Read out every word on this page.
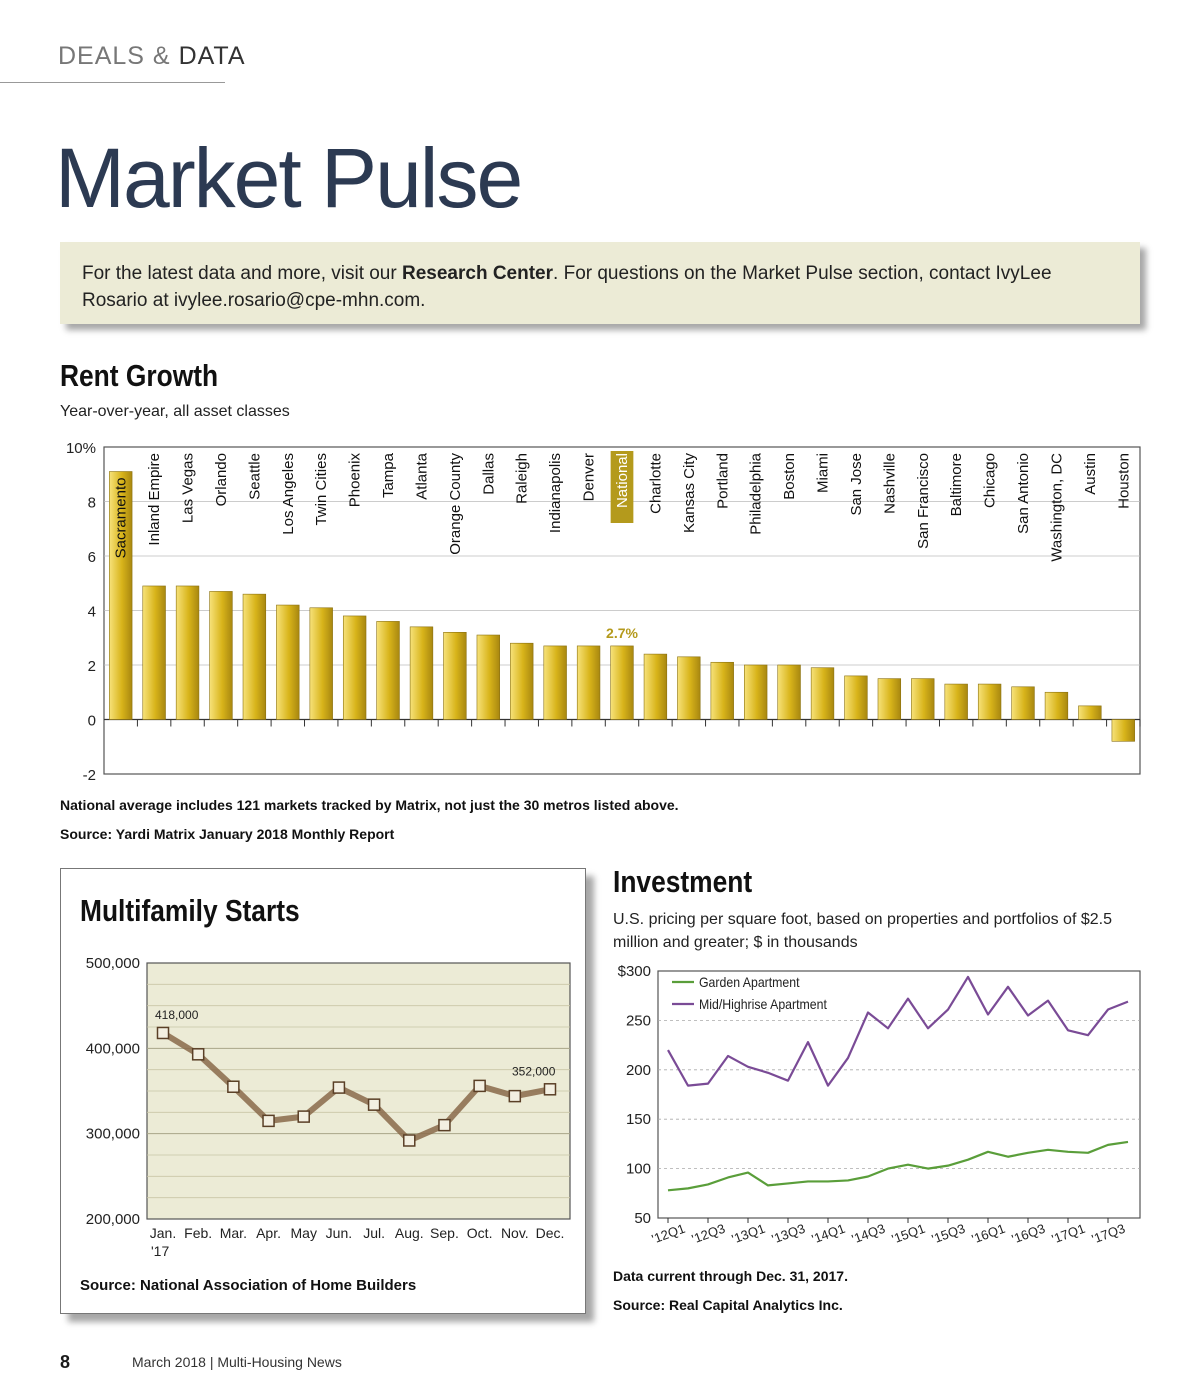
DEALS & DATA
Market Pulse
For the latest data and more, visit our Research Center. For questions on the Market Pulse section, contact IvyLee Rosario at ivylee.rosario@cpe-mhn.com.
Rent Growth
Year-over-year, all asset classes
10%
8
6
4
2
0
-2
Sacramento Inland Empire Las Vegas Orlando Seattle Los Angeles Twin Cities Phoenix Tampa Atlanta Orange County Dallas Raleigh Indianapolis Denver National
2.7%
Charlotte Kansas City Portland Philadelphia Boston Miami San Jose Nashville San Francisco Baltimore Chicago San Antonio Washington, DC Austin Houston
National average includes 121 markets tracked by Matrix, not just the 30 metros listed above.
Source: Yardi Matrix January 2018 Monthly Report
Multifamily Starts
500,000
400,000
300,000
200,000
Jan. Feb. Mar. Apr. May Jun. Jul. Aug. Sep. Oct. Nov. Dec.
'17
418,000
352,000
Source: National Association of Home Builders
Investment
U.S. pricing per square foot, based on properties and portfolios of $2.5
million and greater; $ in thousands
$300
250
200
150
100
50
Garden Apartment
Mid/Highrise Apartment
'12Q1 '12Q3 '13Q1 '13Q3 '14Q1 '14Q3 '15Q1 '15Q3 '16Q1 '16Q3 '17Q1 '17Q3
Data current through Dec. 31, 2017.
Source: Real Capital Analytics Inc.
8	March 2018 | Multi-Housing News
